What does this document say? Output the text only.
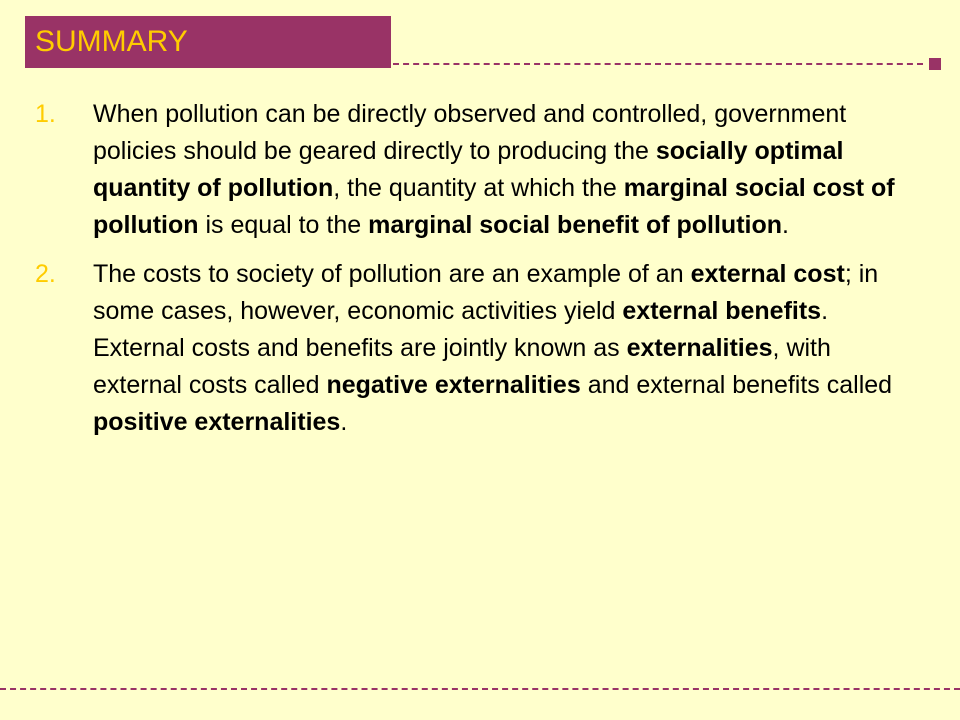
SUMMARY
1.	When pollution can be directly observed and controlled, government policies should be geared directly to producing the socially optimal quantity of pollution, the quantity at which the marginal social cost of pollution is equal to the marginal social benefit of pollution.
2.	The costs to society of pollution are an example of an external cost; in some cases, however, economic activities yield external benefits. External costs and benefits are jointly known as externalities, with external costs called negative externalities and external benefits called positive externalities.
